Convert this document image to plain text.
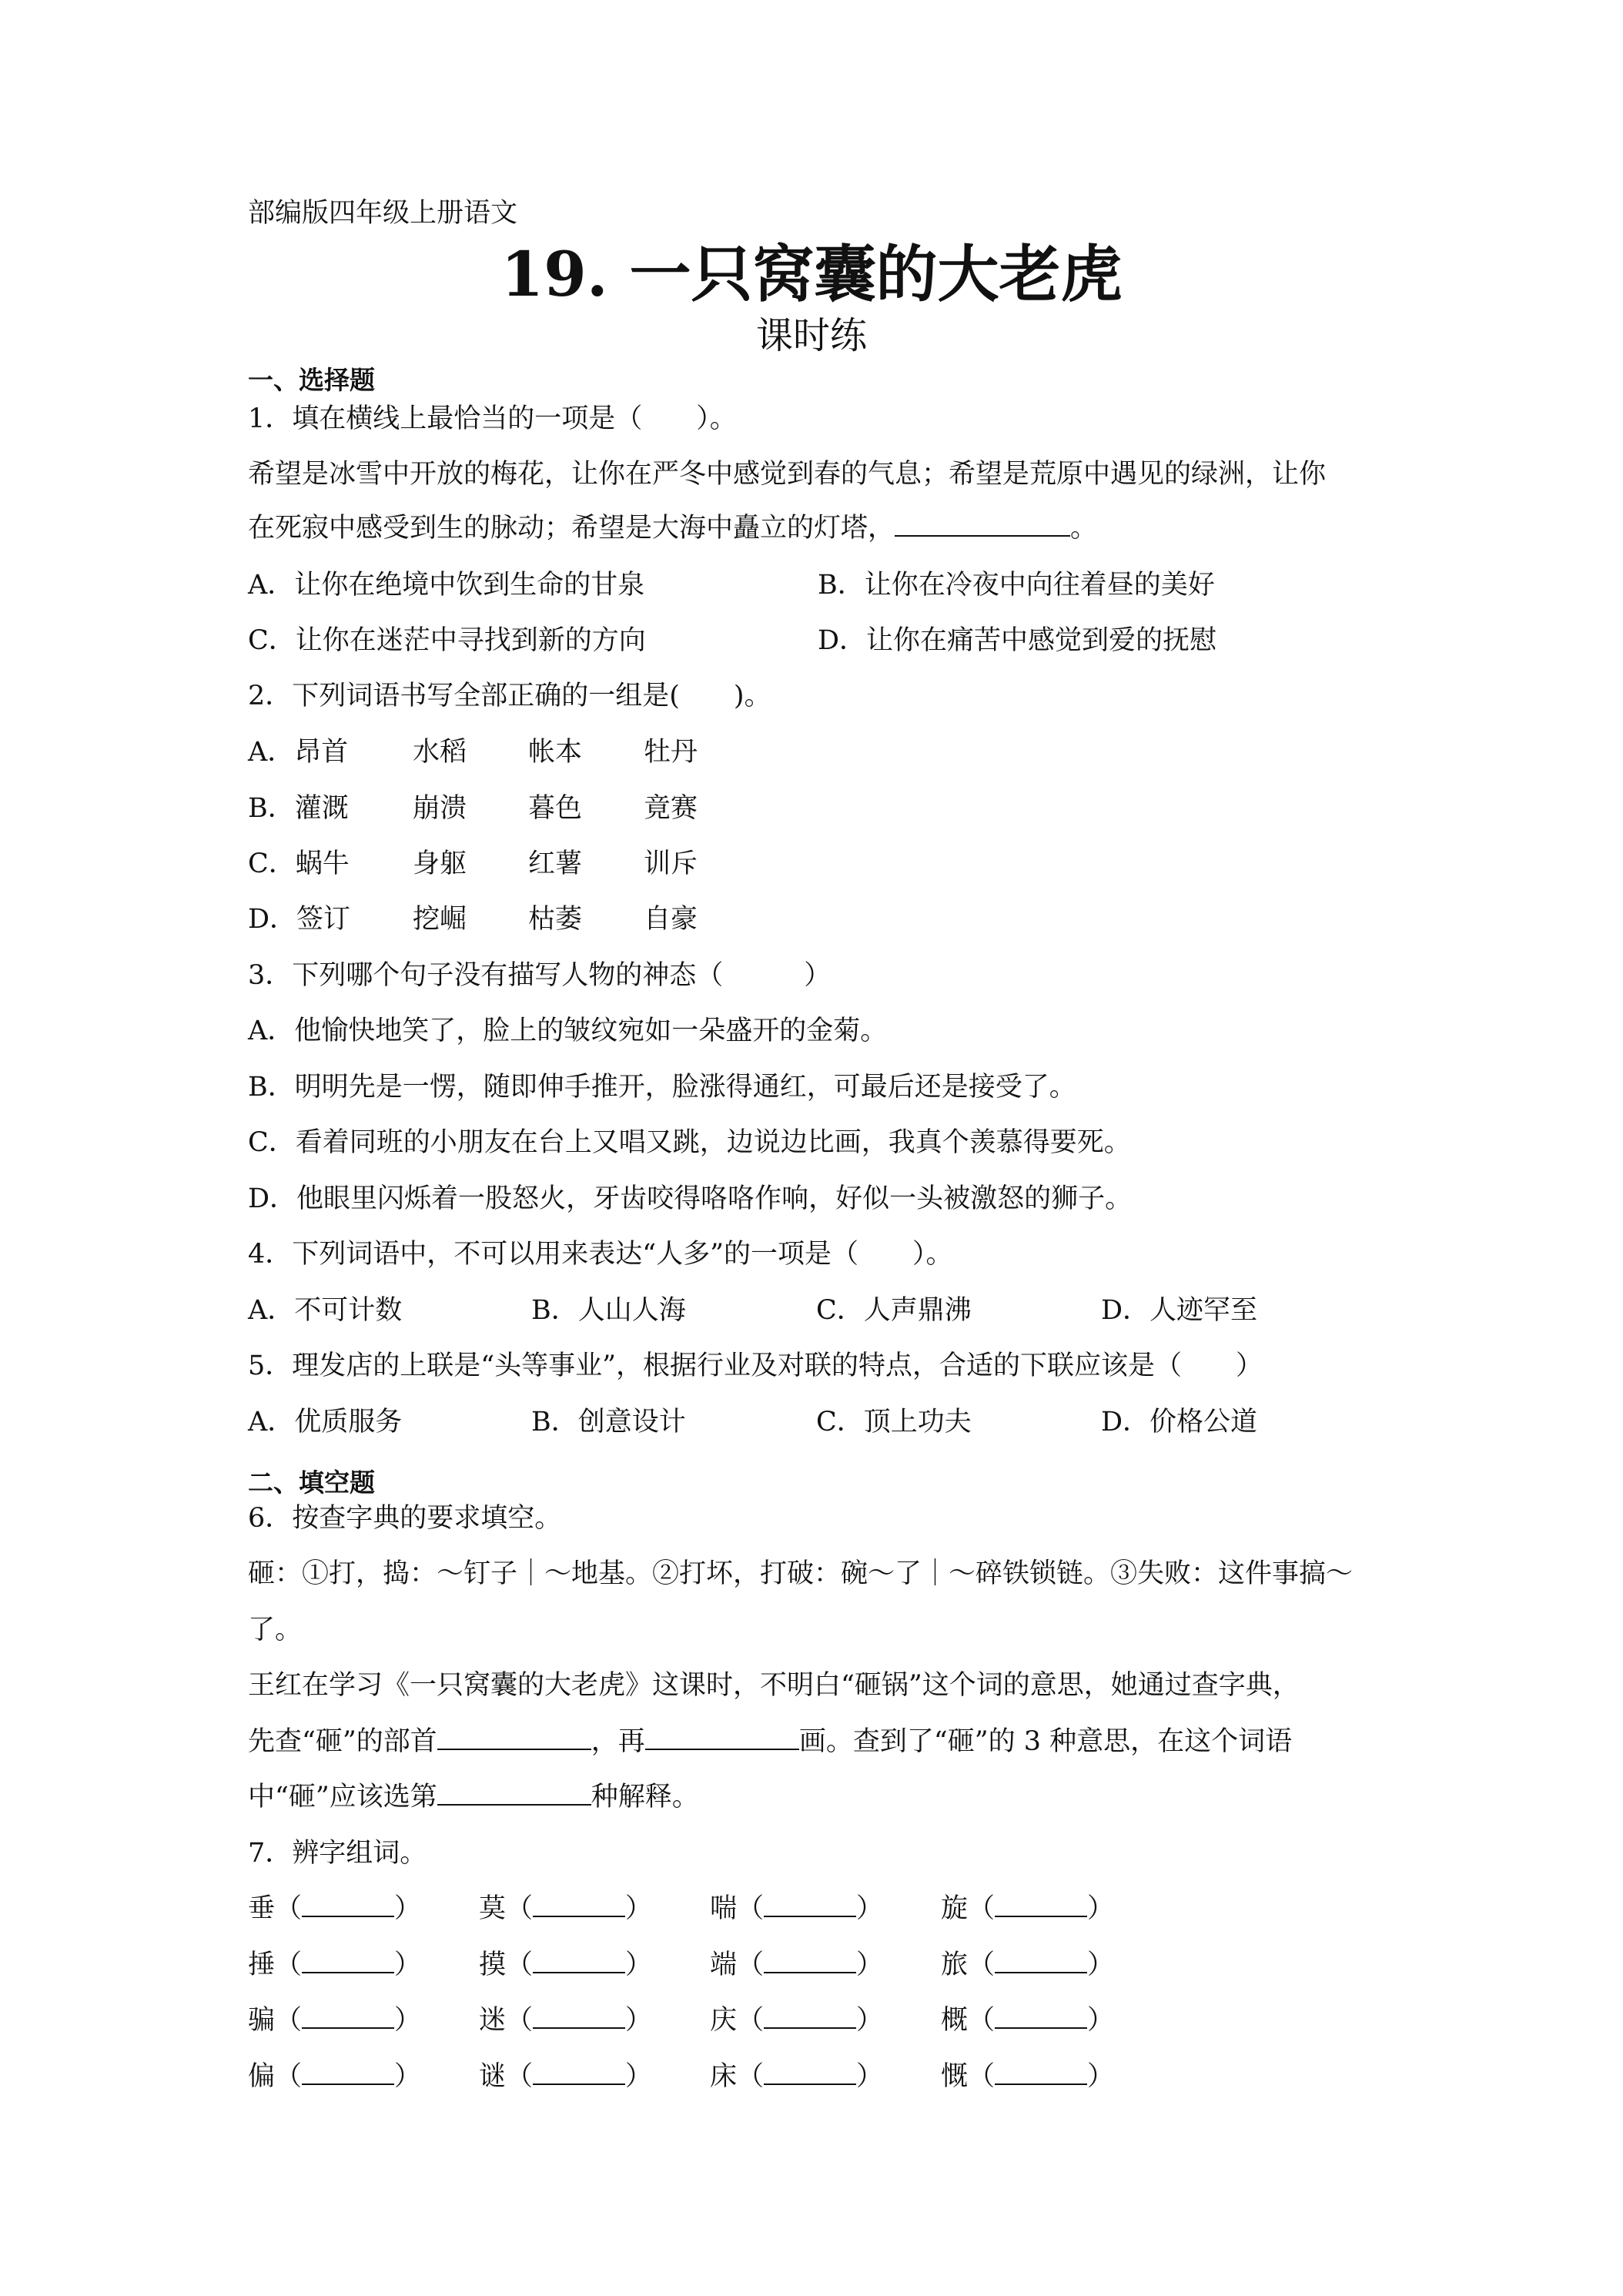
部编版四年级上册语文
19. 一只窝囊的大老虎
课时练
一、选择题
1．填在横线上最恰当的一项是（　　）。
希望是冰雪中开放的梅花，让你在严冬中感觉到春的气息；希望是荒原中遇见的绿洲，让你
在死寂中感受到生的脉动；希望是大海中矗立的灯塔，	。
A．让你在绝境中饮到生命的甘泉	B．让你在冷夜中向往着昼的美好
C．让你在迷茫中寻找到新的方向	D．让你在痛苦中感觉到爱的抚慰
2．下列词语书写全部正确的一组是(　　)。
A．昂首 水稻 帐本 牡丹
B．灌溉 崩溃 暮色 竟赛
C．蜗牛 身躯 红薯 训斥
D．签订 挖崛 枯萎 自豪
3．下列哪个句子没有描写人物的神态（　　　）
A．他愉快地笑了，脸上的皱纹宛如一朵盛开的金菊。
B．明明先是一愣，随即伸手推开，脸涨得通红，可最后还是接受了。
C．看着同班的小朋友在台上又唱又跳，边说边比画，我真个羡慕得要死。
D．他眼里闪烁着一股怒火，牙齿咬得咯咯作响，好似一头被激怒的狮子。
4．下列词语中，不可以用来表达“人多”的一项是（　　）。
A．不可计数	B．人山人海	C．人声鼎沸	D．人迹罕至
5．理发店的上联是“头等事业”，根据行业及对联的特点，合适的下联应该是（　　）
A．优质服务	B．创意设计	C．顶上功夫	D．价格公道
二、填空题
6．按查字典的要求填空。
砸：①打，捣：～钉子｜～地基。②打坏，打破：碗～了｜～碎铁锁链。③失败：这件事搞～
了。
王红在学习《一只窝囊的大老虎》这课时，不明白“砸锅”这个词的意思，她通过查字典，
先查“砸”的部首	，再	画。查到了“砸”的 3 种意思，在这个词语
中“砸”应该选第	种解释。
7．辨字组词。
垂（	） 莫（	） 喘（	） 旋（	）
捶（	） 摸（	） 端（	） 旅（	）
骗（	） 迷（	） 庆（	） 概（	）
偏（	） 谜（	） 床（	） 慨（	）
